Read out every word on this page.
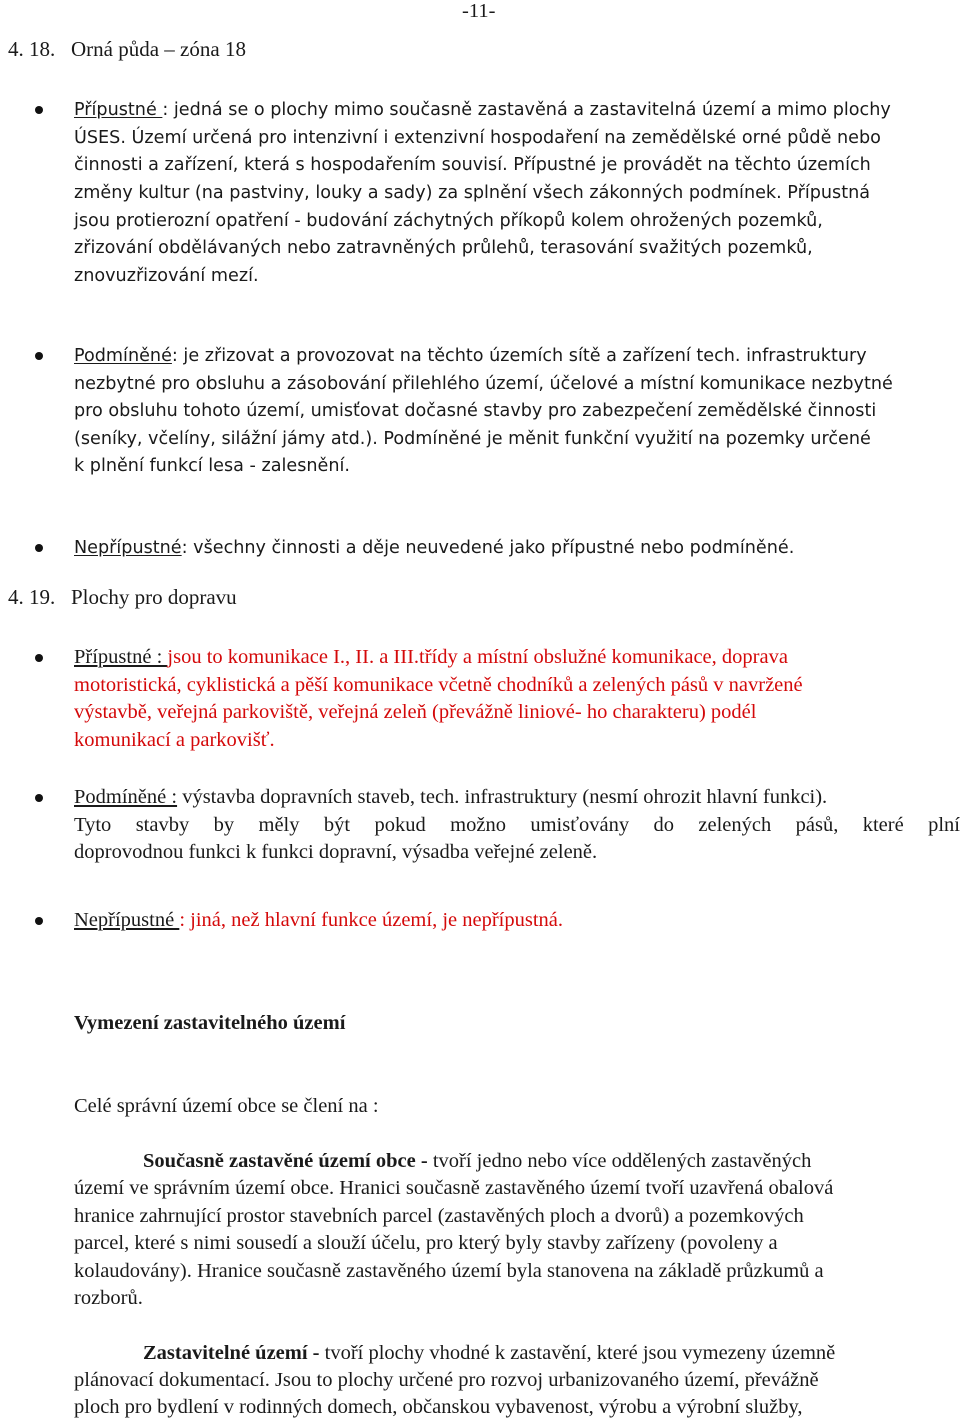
-11-
4. 18. Orná půda – zóna 18
Přípustné : jedná se o plochy mimo současně zastavěná a zastavitelná území a mimo plochy
ÚSES. Území určená pro intenzivní i extenzivní hospodaření na zemědělské orné půdě nebo
činnosti a zařízení, která s hospodařením souvisí. Přípustné je provádět na těchto územích
změny kultur (na pastviny, louky a sady) za splnění všech zákonných podmínek. Přípustná
jsou protierozní opatření - budování záchytných příkopů kolem ohrožených pozemků,
zřizování obdělávaných nebo zatravněných průlehů, terasování svažitých pozemků,
znovuzřizování mezí.
Podmíněné: je zřizovat a provozovat na těchto územích sítě a zařízení tech. infrastruktury
nezbytné pro obsluhu a zásobování přilehlého území, účelové a místní komunikace nezbytné
pro obsluhu tohoto území, umisťovat dočasné stavby pro zabezpečení zemědělské činnosti
(seníky, včelíny, silážní jámy atd.). Podmíněné je měnit funkční využití na pozemky určené
k plnění funkcí lesa - zalesnění.
Nepřípustné: všechny činnosti a děje neuvedené jako přípustné nebo podmíněné.
4. 19. Plochy pro dopravu
Přípustné : jsou to komunikace I., II. a III.třídy a místní obslužné komunikace, doprava
motoristická, cyklistická a pěší komunikace včetně chodníků a zelených pásů v navržené
výstavbě, veřejná parkoviště, veřejná zeleň (převážně liniové- ho charakteru) podél
komunikací a parkovišť.
Podmíněné : výstavba dopravních staveb, tech. infrastruktury (nesmí ohrozit hlavní funkci).
Tyto stavby by měly být pokud možno umisťovány do zelených pásů, které plní
doprovodnou funkci k funkci dopravní, výsadba veřejné zeleně.
Nepřípustné : jiná, než hlavní funkce území, je nepřípustná.
Vymezení zastavitelného území
Celé správní území obce se člení na :
Současně zastavěné území obce - tvoří jedno nebo více oddělených zastavěných
území ve správním území obce. Hranici současně zastavěného území tvoří uzavřená obalová
hranice zahrnující prostor stavebních parcel (zastavěných ploch a dvorů) a pozemkových
parcel, které s nimi sousedí a slouží účelu, pro který byly stavby zařízeny (povoleny a
kolaudovány). Hranice současně zastavěného území byla stanovena na základě průzkumů a
rozborů.
Zastavitelné území - tvoří plochy vhodné k zastavění, které jsou vymezeny územně
plánovací dokumentací. Jsou to plochy určené pro rozvoj urbanizovaného území, převážně
ploch pro bydlení v rodinných domech, občanskou vybavenost, výrobu a výrobní služby,
